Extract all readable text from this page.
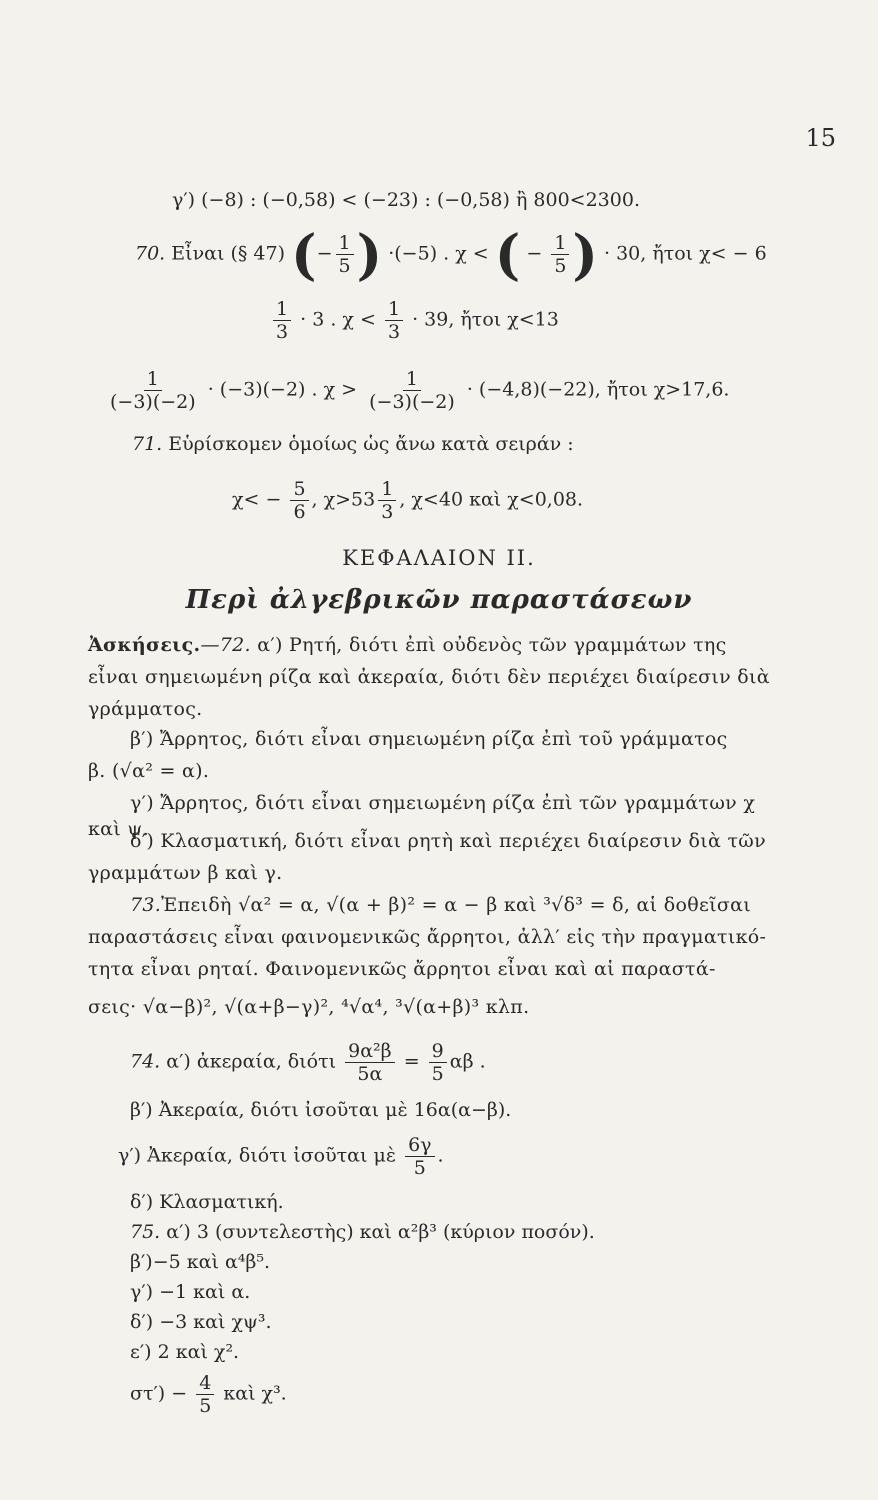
15
γ′) (−8) : (−0,58) < (−23) : (−0,58) ἢ 800<2300.
70. Εἶναι (§ 47) (− $\frac{1}{5}$ ) ·(−5) . χ < ( − $\frac{1}{5}$ ) · 30, ἤτοι χ< − 6
$\frac{1}{3} \cdot 3$ . $\chi < \frac{1}{3} \cdot 39$, ἤτοι χ<13
$\frac{1}{(-3)(-2)} \cdot (-3)(-2)$ . $\chi > \frac{1}{(-3)(-2)} \cdot (-4,8)(-22)$, ἤτοι χ>17,6.
71. Εὑρίσκομεν ὁμοίως ὡς ἄνω κατὰ σειράν :
$\chi< - \frac{5}{6}$ , $\chi>53 \frac{1}{3}$ , χ<40 καὶ χ<0,08.
ΚΕΦΑΛΑΙΟΝ II.
Περὶ ἀλγεβρικῶν παραστάσεων
Ἀσκήσεις.—72. α′) Ρητή, διότι ἐπὶ οὐδενὸς τῶν γραμμάτων της
εἶναι σημειωμένη ρίζα καὶ ἀκεραία, διότι δὲν περιέχει διαίρεσιν διὰ
γράμματος.
β′) Ἄρρητος, διότι εἶναι σημειωμένη ρίζα ἐπὶ τοῦ γράμματος
β. (√α² = α).
γ′) Ἄρρητος, διότι εἶναι σημειωμένη ρίζα ἐπὶ τῶν γραμμάτων χ
καὶ ψ.
δ′) Κλασματική, διότι εἶναι ρητὴ καὶ περιέχει διαίρεσιν διὰ τῶν
γραμμάτων β καὶ γ.
73.Ἐπειδὴ √α² = α, √(α + β)² = α − β καὶ ³√δ³ = δ, αἱ δοθεῖσαι
παραστάσεις εἶναι φαινομενικῶς ἄρρητοι, ἀλλ′ εἰς τὴν πραγματικό-
τητα εἶναι ρηταί. Φαινομενικῶς ἄρρητοι εἶναι καὶ αἱ παραστά-
σεις· √α−β)², √(α+β−γ)², ⁴√α⁴, ³√(α+β)³ κλπ.
74. α′) ἀκεραία, διότι $\frac{\text{9α²β}}{5\alpha} = \frac{9}{5}$ αβ .
β′) Ἀκεραία, διότι ἰσοῦται μὲ 16α(α−β).
γ′) Ἀκεραία, διότι ἰσοῦται μὲ $\frac{6\gamma}{5}$ .
δ′) Κλασματική.
75. α′) 3 (συντελεστὴς) καὶ α²β³ (κύριον ποσόν).
β′)−5 καὶ α⁴β⁵.
γ′) −1 καὶ α.
δ′) −3 καὶ χψ³.
ε′) 2 καὶ χ².
$\sigma\tau') - \frac{4}{5}$ καὶ χ³.
